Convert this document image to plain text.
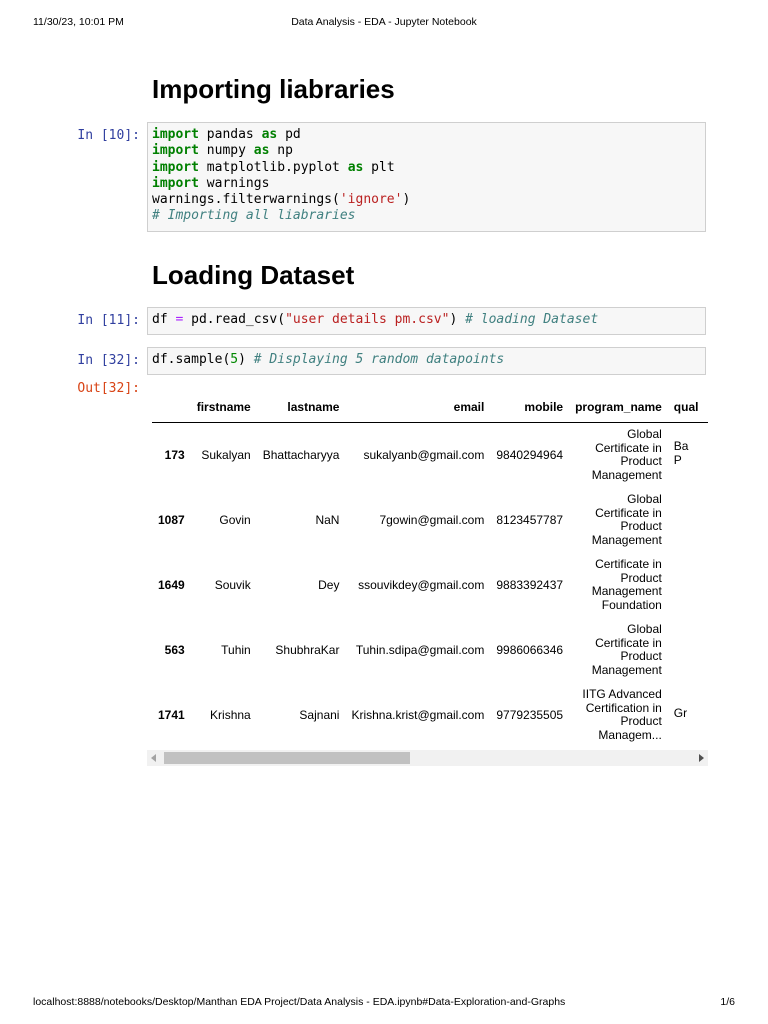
11/30/23, 10:01 PM	Data Analysis - EDA - Jupyter Notebook
Importing liabraries
In [10]: import pandas as pd
import numpy as np
import matplotlib.pyplot as plt
import warnings
warnings.filterwarnings('ignore')
# Importing all liabraries
Loading Dataset
In [11]: df = pd.read_csv("user details pm.csv") # loading Dataset
In [32]: df.sample(5) # Displaying 5 random datapoints
Out[32]:
	firstname	lastname	email	mobile	program_name	qual
173	Sukalyan	Bhattacharyya	sukalyanb@gmail.com	9840294964	Global Certificate in Product Management	Ba P
1087	Govin	NaN	7gowin@gmail.com	8123457787	Global Certificate in Product Management	
1649	Souvik	Dey	ssouvikdey@gmail.com	9883392437	Certificate in Product Management Foundation	
563	Tuhin	ShubhraKar	Tuhin.sdipa@gmail.com	9986066346	Global Certificate in Product Management	
1741	Krishna	Sajnani	Krishna.krist@gmail.com	9779235505	IITG Advanced Certification in Product Managem...	Gr
localhost:8888/notebooks/Desktop/Manthan EDA Project/Data Analysis - EDA.ipynb#Data-Exploration-and-Graphs	1/6
